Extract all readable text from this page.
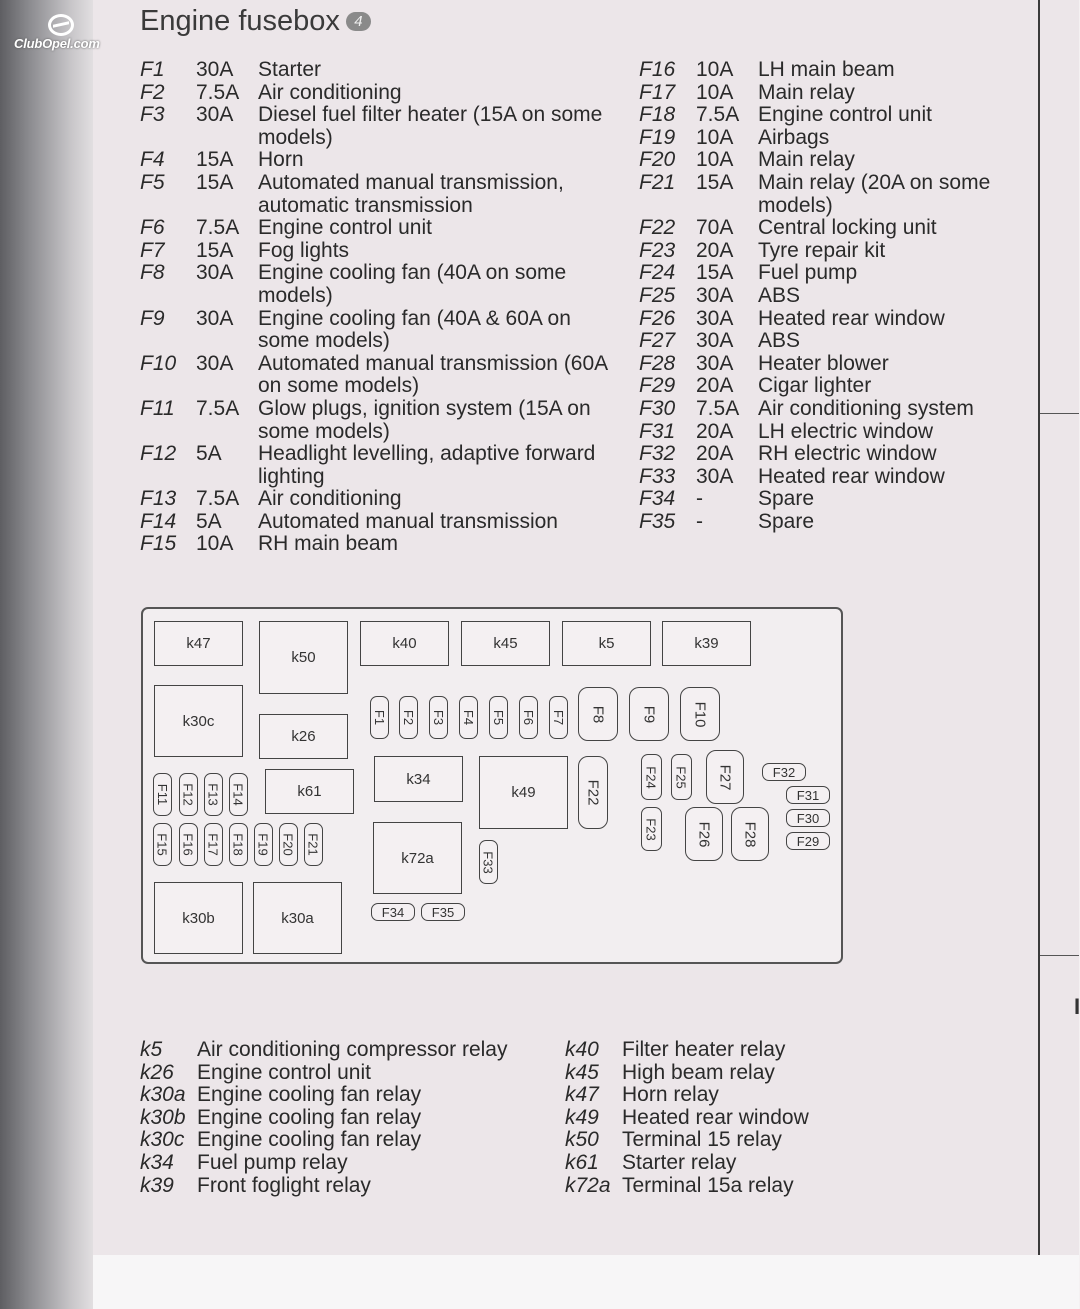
I
ClubOpel.com
Engine fusebox 4
F1	30A	Starter
F2	7.5A Air conditioning
F3	30A	Diesel fuel filter heater (15A on some models)
F4	15A	Horn
F5	15A	Automated manual transmission, automatic transmission
F6	7.5A Engine control unit
F7	15A	Fog lights
F8	30A	Engine cooling fan (40A on some models)
F9	30A	Engine cooling fan (40A & 60A on some models)
F10 30A	Automated manual transmission (60A on some models)
F11	7.5A Glow plugs, ignition system (15A on some models)
F12 5A	Headlight levelling, adaptive forward lighting
F13 7.5A Air conditioning
F14 5A	Automated manual transmission
F15 10A	RH main beam
F16 10A	LH main beam
F17 10A	Main relay
F18 7.5A Engine control unit
F19 10A	Airbags
F20 10A	Main relay
F21 15A	Main relay (20A on some models)
F22 70A	Central locking unit
F23 20A	Tyre repair kit
F24 15A	Fuel pump
F25 30A	ABS
F26 30A	Heated rear window
F27 30A	ABS
F28 30A	Heater blower
F29 20A	Cigar lighter
F30 7.5A Air conditioning system
F31 20A	LH electric window
F32 20A	RH electric window
F33 30A	Heated rear window
F34 -	Spare
F35 -	Spare
k47
k50
k40	k45	k5	k39
k30c
k26
k61
k34
k49
k72a
k30b	k30a
F1 F2 F3 F4 F5 F6 F7 F8 F9 F10
F11 F12 F13 F14
F15 F16 F17 F18 F19 F20 F21
F22
F23
F24 F25
F26
F27
F28	F29
F30
F31
F32
F33
F34 F35
k5	Air conditioning compressor relay
k26	Engine control unit
k30a Engine cooling fan relay
k30b Engine cooling fan relay
k30c Engine cooling fan relay
k34	Fuel pump relay
k39	Front foglight relay
k40	Filter heater relay
k45	High beam relay
k47	Horn relay
k49	Heated rear window
k50	Terminal 15 relay
k61	Starter relay
k72a Terminal 15a relay
